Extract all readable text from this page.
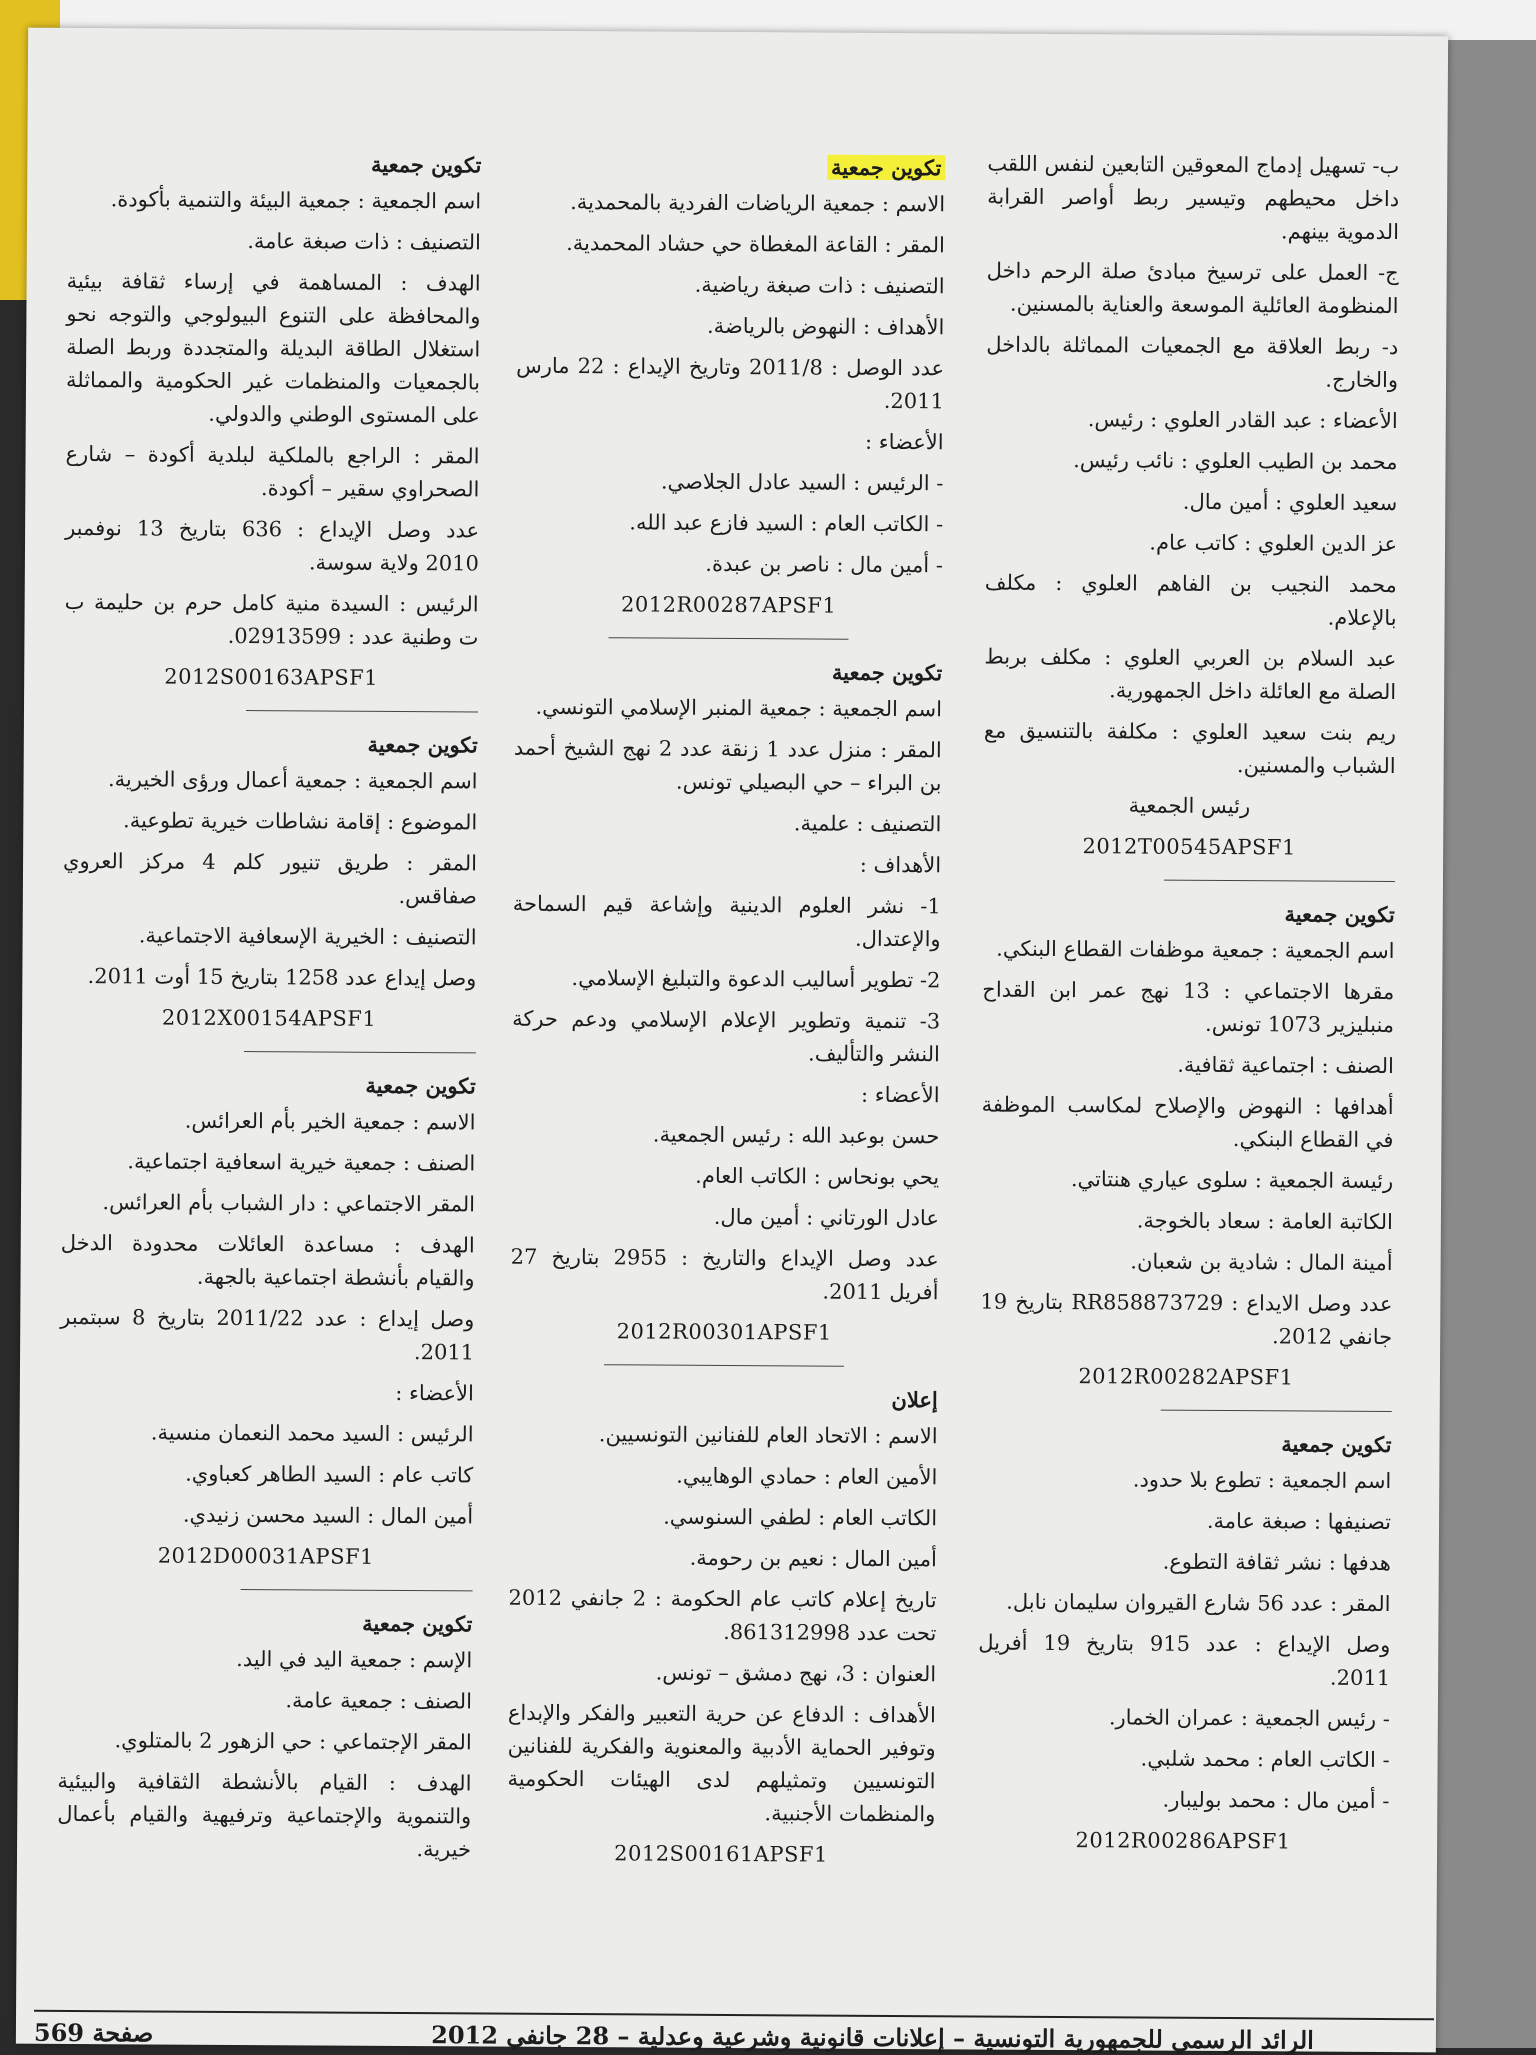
ب- تسهيل إدماج المعوقين التابعين لنفس اللقب داخل محيطهم وتيسير ربط أواصر القرابة الدموية بينهم.

ج- العمل على ترسيخ مبادئ صلة الرحم داخل المنظومة العائلية الموسعة والعناية بالمسنين.

د- ربط العلاقة مع الجمعيات المماثلة بالداخل والخارج.

الأعضاء : عبد القادر العلوي : رئيس.

محمد بن الطيب العلوي : نائب رئيس.

سعيد العلوي : أمين مال.

عز الدين العلوي : كاتب عام.

محمد النجيب بن الفاهم العلوي : مكلف بالإعلام.

عبد السلام بن العربي العلوي : مكلف بربط الصلة مع العائلة داخل الجمهورية.

ريم بنت سعيد العلوي : مكلفة بالتنسيق مع الشباب والمسنين.

رئيس الجمعية

2012T00545APSF1

تكوين جمعية

اسم الجمعية : جمعية موظفات القطاع البنكي.

مقرها الاجتماعي : 13 نهج عمر ابن القداح منبليزير 1073 تونس.

الصنف : اجتماعية ثقافية.

أهدافها : النهوض والإصلاح لمكاسب الموظفة في القطاع البنكي.

رئيسة الجمعية : سلوى عياري هنتاتي.

الكاتبة العامة : سعاد بالخوجة.

أمينة المال : شادية بن شعبان.

عدد وصل الايداع : RR858873729 بتاريخ 19 جانفي 2012.

2012R00282APSF1

تكوين جمعية

اسم الجمعية : تطوع بلا حدود.

تصنيفها : صبغة عامة.

هدفها : نشر ثقافة التطوع.

المقر : عدد 56 شارع القيروان سليمان نابل.

وصل الإيداع : عدد 915 بتاريخ 19 أفريل 2011.

- رئيس الجمعية : عمران الخمار.

- الكاتب العام : محمد شلبي.

- أمين مال : محمد بوليبار.

2012R00286APSF1

تكوين جمعية

الاسم : جمعية الرياضات الفردية بالمحمدية.

المقر : القاعة المغطاة حي حشاد المحمدية.

التصنيف : ذات صبغة رياضية.

الأهداف : النهوض بالرياضة.

عدد الوصل : 2011/8 وتاريخ الإيداع : 22 مارس 2011.

الأعضاء :

- الرئيس : السيد عادل الجلاصي.

- الكاتب العام : السيد فازع عبد الله.

- أمين مال : ناصر بن عبدة.

2012R00287APSF1

تكوين جمعية

اسم الجمعية : جمعية المنبر الإسلامي التونسي.

المقر : منزل عدد 1 زنقة عدد 2 نهج الشيخ أحمد بن البراء – حي البصيلي تونس.

التصنيف : علمية.

الأهداف :

1- نشر العلوم الدينية وإشاعة قيم السماحة والإعتدال.

2- تطوير أساليب الدعوة والتبليغ الإسلامي.

3- تنمية وتطوير الإعلام الإسلامي ودعم حركة النشر والتأليف.

الأعضاء :

حسن بوعبد الله : رئيس الجمعية.

يحي بونحاس : الكاتب العام.

عادل الورتاني : أمين مال.

عدد وصل الإيداع والتاريخ : 2955 بتاريخ 27 أفريل 2011.

2012R00301APSF1

إعلان

الاسم : الاتحاد العام للفنانين التونسيين.

الأمين العام : حمادي الوهايبي.

الكاتب العام : لطفي السنوسي.

أمين المال : نعيم بن رحومة.

تاريخ إعلام كاتب عام الحكومة : 2 جانفي 2012 تحت عدد 861312998.

العنوان : 3، نهج دمشق – تونس.

الأهداف : الدفاع عن حرية التعبير والفكر والإبداع وتوفير الحماية الأدبية والمعنوية والفكرية للفنانين التونسيين وتمثيلهم لدى الهيئات الحكومية والمنظمات الأجنبية.

2012S00161APSF1

تكوين جمعية

اسم الجمعية : جمعية البيئة والتنمية بأكودة.

التصنيف : ذات صبغة عامة.

الهدف : المساهمة في إرساء ثقافة بيئية والمحافظة على التنوع البيولوجي والتوجه نحو استغلال الطاقة البديلة والمتجددة وربط الصلة بالجمعيات والمنظمات غير الحكومية والمماثلة على المستوى الوطني والدولي.

المقر : الراجع بالملكية لبلدية أكودة – شارع الصحراوي سقير – أكودة.

عدد وصل الإيداع : 636 بتاريخ 13 نوفمبر 2010 ولاية سوسة.

الرئيس : السيدة منية كامل حرم بن حليمة ب ت وطنية عدد : 02913599.

2012S00163APSF1

تكوين جمعية

اسم الجمعية : جمعية أعمال ورؤى الخيرية.

الموضوع : إقامة نشاطات خيرية تطوعية.

المقر : طريق تنيور كلم 4 مركز العروي صفاقس.

التصنيف : الخيرية الإسعافية الاجتماعية.

وصل إيداع عدد 1258 بتاريخ 15 أوت 2011.

2012X00154APSF1

تكوين جمعية

الاسم : جمعية الخير بأم العرائس.

الصنف : جمعية خيرية اسعافية اجتماعية.

المقر الاجتماعي : دار الشباب بأم العرائس.

الهدف : مساعدة العائلات محدودة الدخل والقيام بأنشطة اجتماعية بالجهة.

وصل إيداع : عدد 2011/22 بتاريخ 8 سبتمبر 2011.

الأعضاء :

الرئيس : السيد محمد النعمان منسية.

كاتب عام : السيد الطاهر كعباوي.

أمين المال : السيد محسن زنيدي.

2012D00031APSF1

تكوين جمعية

الإسم : جمعية اليد في اليد.

الصنف : جمعية عامة.

المقر الإجتماعي : حي الزهور 2 بالمتلوي.

الهدف : القيام بالأنشطة الثقافية والبيئية والتنموية والإجتماعية وترفيهية والقيام بأعمال خيرية.

الرائد الرسمي للجمهورية التونسية – إعلانات قانونية وشرعية وعدلية – 28 جانفي 2012
صفحة 569
